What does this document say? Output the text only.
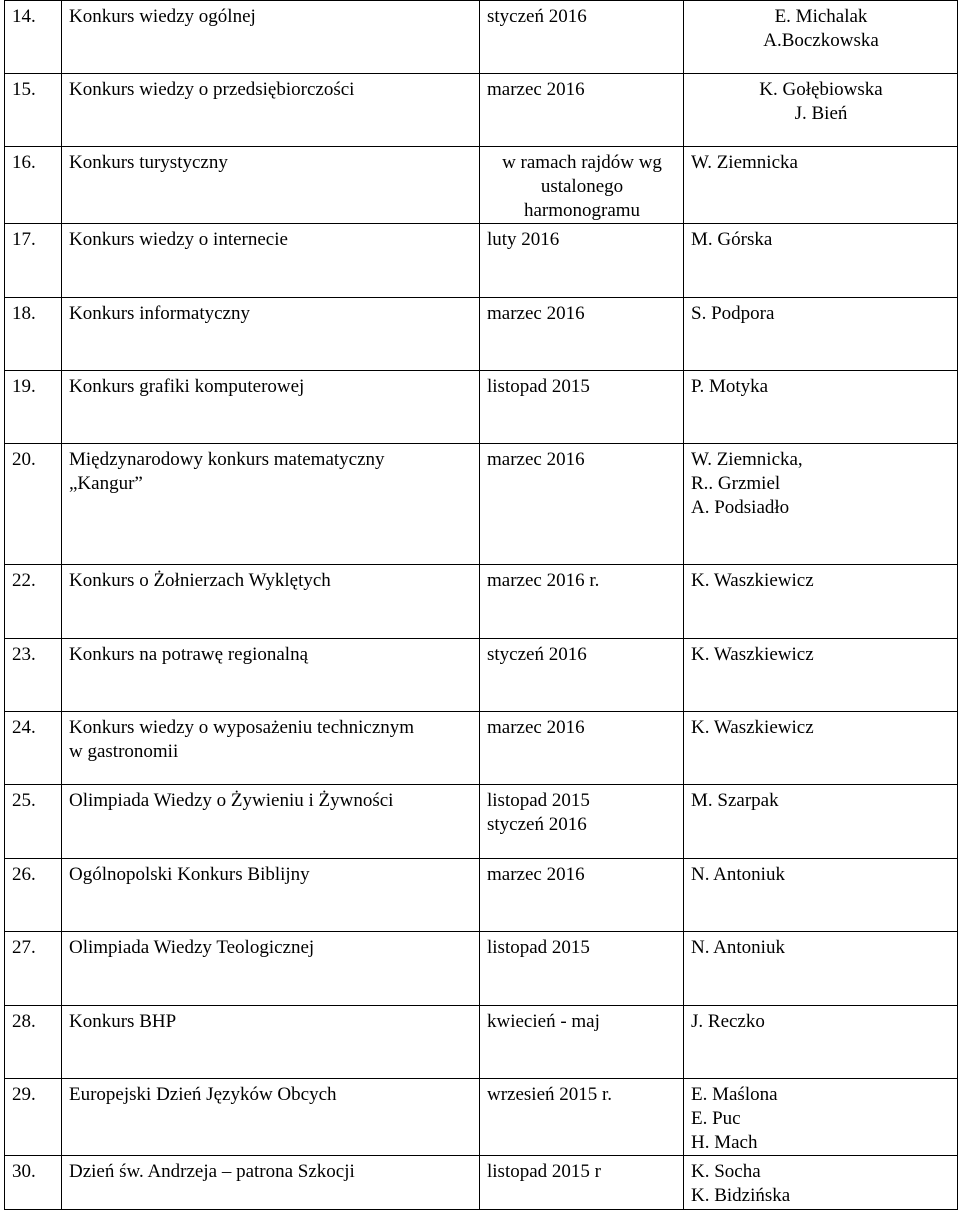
14.	Konkurs wiedzy ogólnej	styczeń 2016	E. Michalak
A.Boczkowska
15.	Konkurs wiedzy o przedsiębiorczości	marzec 2016	K. Gołębiowska
J. Bień
16.	Konkurs turystyczny	w ramach rajdów wg
ustalonego
harmonogramu	W. Ziemnicka
17.	Konkurs wiedzy o internecie	luty 2016	M. Górska
18.	Konkurs informatyczny	marzec 2016	S. Podpora
19.	Konkurs grafiki komputerowej	listopad 2015	P. Motyka
20.	Międzynarodowy konkurs matematyczny
„Kangur”	marzec 2016	W. Ziemnicka,
R.. Grzmiel
A. Podsiadło
22.	Konkurs o Żołnierzach Wyklętych	marzec 2016 r.	K. Waszkiewicz
23.	Konkurs na potrawę regionalną	styczeń 2016	K. Waszkiewicz
24.	Konkurs wiedzy o wyposażeniu technicznym
w gastronomii	marzec 2016	K. Waszkiewicz
25.	Olimpiada Wiedzy o Żywieniu i Żywności	listopad 2015
styczeń 2016	M. Szarpak
26.	Ogólnopolski Konkurs Biblijny	marzec 2016	N. Antoniuk
27.	Olimpiada Wiedzy Teologicznej	listopad 2015	N. Antoniuk
28.	Konkurs BHP	kwiecień - maj	J. Reczko
29.	Europejski Dzień Języków Obcych	wrzesień 2015 r.	E. Maślona
E. Puc
H. Mach
30.	Dzień św. Andrzeja – patrona Szkocji	listopad 2015 r	K. Socha
K. Bidzińska
